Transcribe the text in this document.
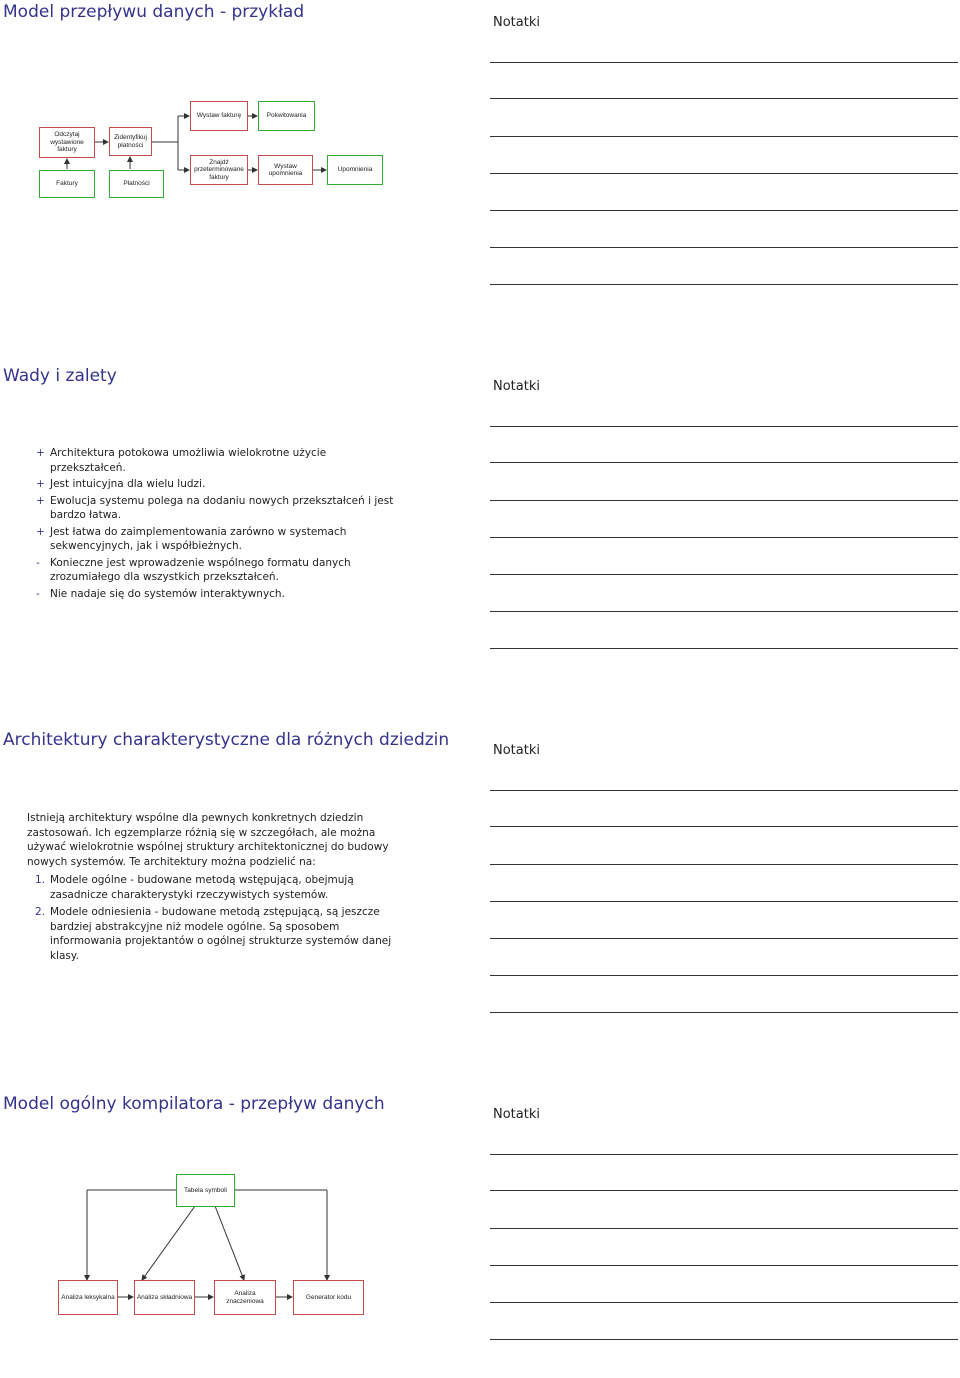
Model przepływu danych - przykład
Notatki
Odczytaj wystawione faktury
Zidentyfikuj płatności
Wystaw fakturę	Pokwitowania
Znajdź przeterminowane faktury
Wystaw upomnienia
Upomnienia
Faktury	Płatności
Wady i zalety
Notatki
+ Architektura potokowa umożliwia wielokrotne użycie przekształceń.
+ Jest intuicyjna dla wielu ludzi.
+ Ewolucja systemu polega na dodaniu nowych przekształceń i jest bardzo łatwa.
+ Jest łatwa do zaimplementowania zarówno w systemach sekwencyjnych, jak i współbieżnych.
- Konieczne jest wprowadzenie wspólnego formatu danych zrozumiałego dla wszystkich przekształceń.
- Nie nadaje się do systemów interaktywnych.
Architektury charakterystyczne dla różnych dziedzin
Notatki

Istnieją architektury wspólne dla pewnych konkretnych dziedzin zastosowań. Ich egzemplarze różnią się w szczegółach, ale można używać wielokrotnie wspólnej struktury architektonicznej do budowy nowych systemów. Te architektury można podzielić na:

1. Modele ogólne - budowane metodą wstępującą, obejmują zasadnicze charakterystyki rzeczywistych systemów.
2. Modele odniesienia - budowane metodą zstępującą, są jeszcze bardziej abstrakcyjne niż modele ogólne. Są sposobem informowania projektantów o ogólnej strukturze systemów danej klasy.
Model ogólny kompilatora - przepływ danych
Notatki
Tabela symboli
Analiza leksykalna	Analiza składniowa
Analiza znaczeniowa
Generator kodu
